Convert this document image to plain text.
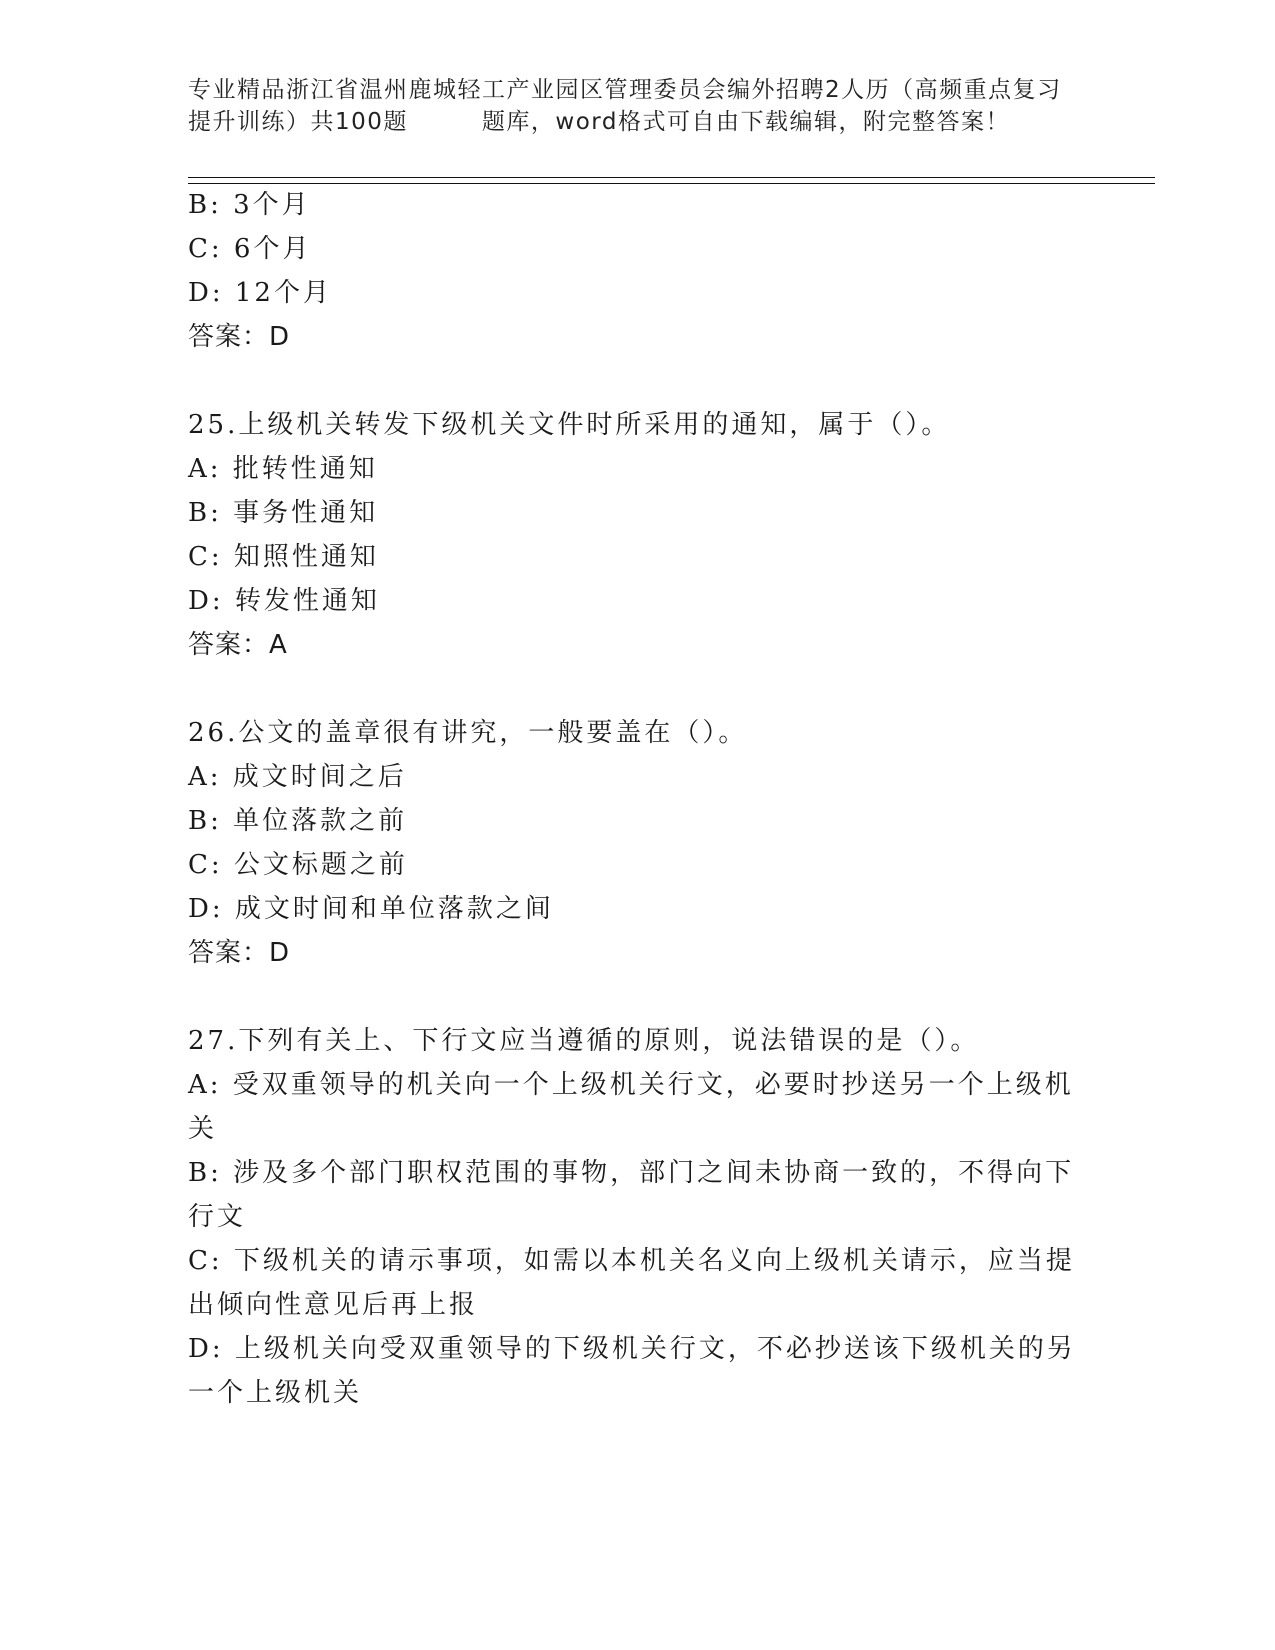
专业精品浙江省温州鹿城轻工产业园区管理委员会编外招聘2人历（高频重点复习
提升训练）共100题	题库，word格式可自由下载编辑，附完整答案！
B: 3个月
C: 6个月
D: 12个月
答案：D
25.上级机关转发下级机关文件时所采用的通知，属于（）。
A: 批转性通知
B: 事务性通知
C: 知照性通知
D: 转发性通知
答案：A
26.公文的盖章很有讲究，一般要盖在（）。
A: 成文时间之后
B: 单位落款之前
C: 公文标题之前
D: 成文时间和单位落款之间
答案：D
27.下列有关上、下行文应当遵循的原则，说法错误的是（）。
A: 受双重领导的机关向一个上级机关行文，必要时抄送另一个上级机
关
B: 涉及多个部门职权范围的事物，部门之间未协商一致的，不得向下
行文
C: 下级机关的请示事项，如需以本机关名义向上级机关请示，应当提
出倾向性意见后再上报
D: 上级机关向受双重领导的下级机关行文，不必抄送该下级机关的另
一个上级机关
